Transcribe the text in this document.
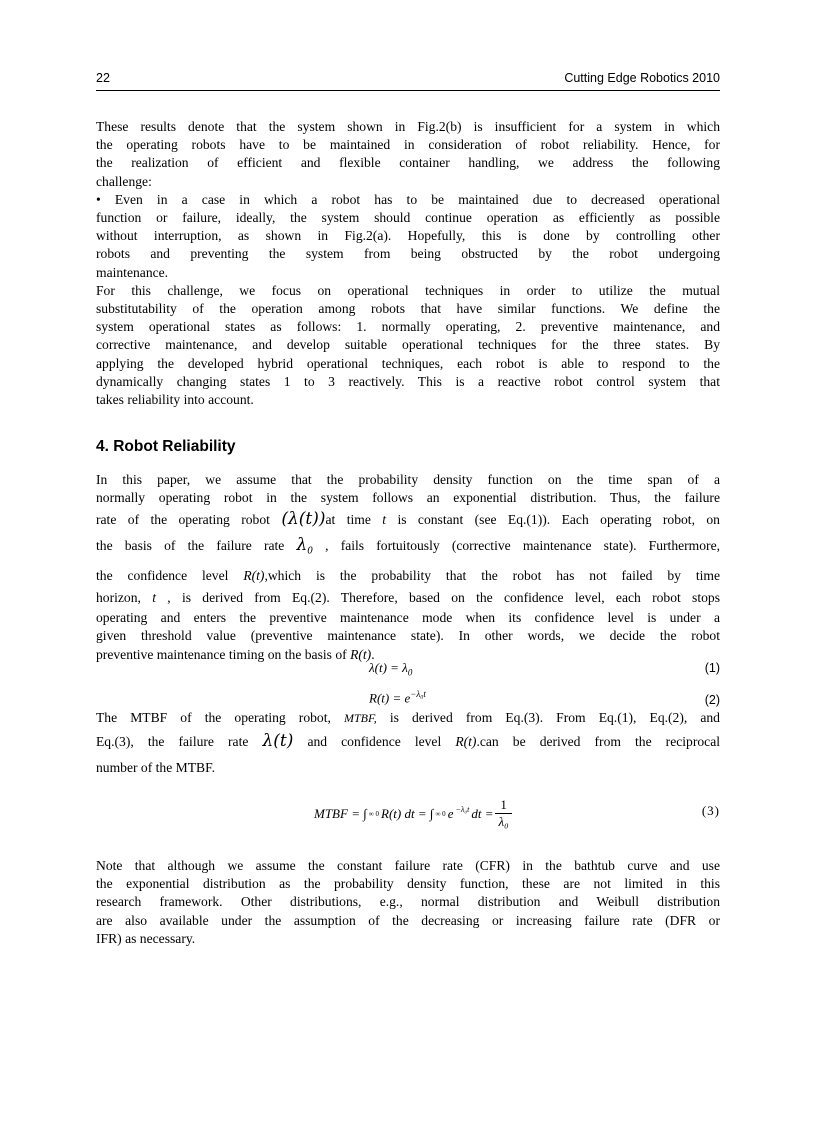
22	Cutting Edge Robotics 2010

These results denote that the system shown in Fig.2(b) is insufficient for a system in which

the operating robots have to be maintained in consideration of robot reliability. Hence, for

the realization of efficient and flexible container handling, we address the following

challenge:

• Even in a case in which a robot has to be maintained due to decreased operational

function or failure, ideally, the system should continue operation as efficiently as possible

without interruption, as shown in Fig.2(a). Hopefully, this is done by controlling other

robots and preventing the system from being obstructed by the robot undergoing

maintenance.

For this challenge, we focus on operational techniques in order to utilize the mutual

substitutability of the operation among robots that have similar functions. We define the

system operational states as follows: 1. normally operating, 2. preventive maintenance, and

corrective maintenance, and develop suitable operational techniques for the three states. By

applying the developed hybrid operational techniques, each robot is able to respond to the

dynamically changing states 1 to 3 reactively. This is a reactive robot control system that

takes reliability into account.

4. Robot Reliability

In this paper, we assume that the probability density function on the time span of a

normally operating robot in the system follows an exponential distribution. Thus, the failure

rate of the operating robot (λ(t))at time t is constant (see Eq.(1)). Each operating robot, on

the basis of the failure rate $\lambda_0$ , fails fortuitously (corrective maintenance state). Furthermore,

the confidence level R(t),which is the probability that the robot has not failed by time

horizon, t , is derived from Eq.(2). Therefore, based on the confidence level, each robot stops

operating and enters the preventive maintenance mode when its confidence level is under a

given threshold value (preventive maintenance state). In other words, we decide the robot

preventive maintenance timing on the basis of R(t).

$\lambda(t) = \lambda_0$	(1)
$R(t) = e^{-\lambda_0t}$	(2)

The MTBF of the operating robot, MTBF, is derived from Eq.(3). From Eq.(1), Eq.(2), and

Eq.(3), the failure rate λ(t) and confidence level R(t).can be derived from the reciprocal

number of the MTBF.

MTBF = ∫ ∞ 0 R(t) dt = ∫ ∞ 0 e $^{-\lambda_0t}$ dt = $\frac{1}{\text{λ₀}}$	(3)

Note that although we assume the constant failure rate (CFR) in the bathtub curve and use

the exponential distribution as the probability density function, these are not limited in this

research framework. Other distributions, e.g., normal distribution and Weibull distribution

are also available under the assumption of the decreasing or increasing failure rate (DFR or

IFR) as necessary.
